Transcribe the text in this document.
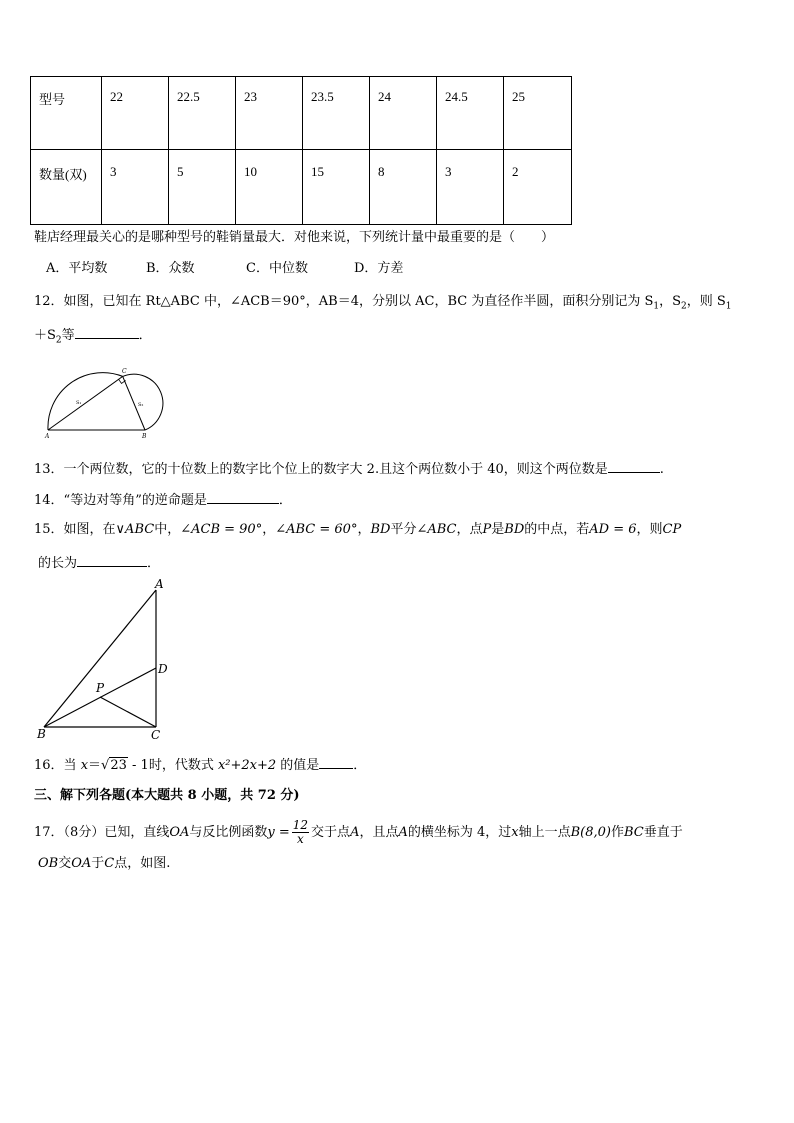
型号	22	22.5	23	23.5	24	24.5	25
数量(双)	3	5	10	15	8	3	2
鞋店经理最关心的是哪种型号的鞋销量最大．对他来说，下列统计量中最重要的是（　　）
A．平均数	B．众数	C．中位数	D．方差
12．如图，已知在 Rt△ABC 中，∠ACB＝90°，AB＝4，分别以 AC，BC 为直径作半圆，面积分别记为 $S_1$，$S_2$，则 $S_1$
$+S_2$等	．
A	B
C
S₁	S₂
13．一个两位数，它的十位数上的数字比个位上的数字大 2.且这个两位数小于 40，则这个两位数是	.
14．“等边对等角”的逆命题是	．
15．如图，在∨ABC中，∠ACB = 90°，∠ABC = 60°，BD平分∠ABC，点P是BD的中点，若AD = 6，则CP
的长为	．
A
B	C
D
P
16．当 x＝√23 - 1时，代数式 x²+2x+2 的值是	．
三、解下列各题(本大题共 8 小题，共 72 分)
17．（8分）已知，直线OA与反比例函数$y = \frac{12}{x}$ 交于点A，且点A的横坐标为 4，过x轴上一点B(8,0)作BC垂直于
OB交OA于C点，如图.
